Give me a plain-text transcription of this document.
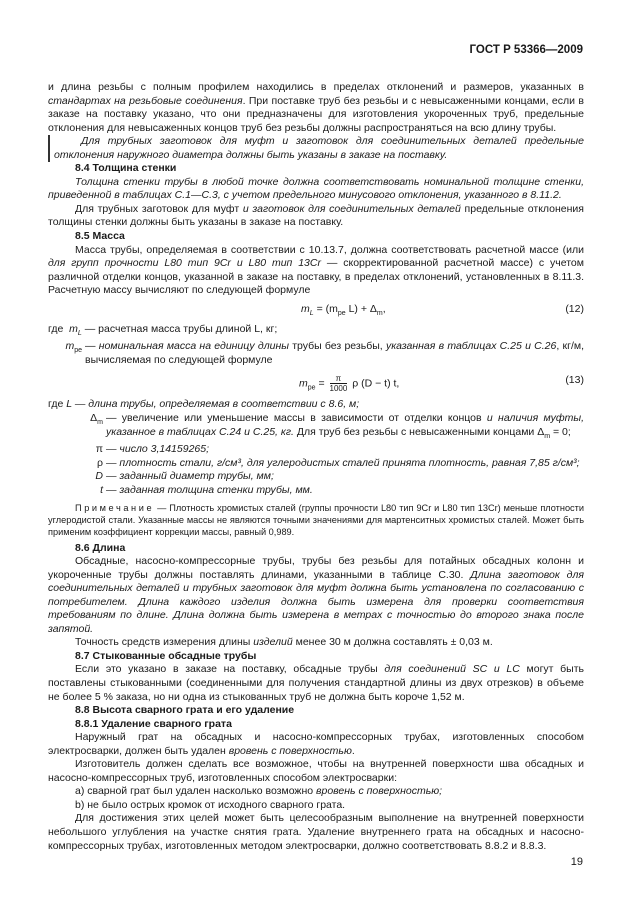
ГОСТ Р 53366—2009

и длина резьбы с полным профилем находились в пределах отклонений и размеров, указанных в стандартах на резьбовые соединения. При поставке труб без резьбы и с невысаженными концами, если в заказе на поставку указано, что они предназначены для изготовления укороченных труб, предельные отклонения для невысаженных концов труб без резьбы должны распространяться на всю длину трубы.

Для трубных заготовок для муфт и заготовок для соединительных деталей предельные отклонения наружного диаметра должны быть указаны в заказе на поставку.

8.4 Толщина стенки

Толщина стенки трубы в любой точке должна соответствовать номинальной толщине стенки, приведенной в таблицах С.1—С.3, с учетом предельного минусового отклонения, указанного в 8.11.2.

Для трубных заготовок для муфт и заготовок для соединительных деталей предельные отклонения толщины стенки должны быть указаны в заказе на поставку.

8.5 Масса

Масса трубы, определяемая в соответствии с 10.13.7, должна соответствовать расчетной массе (или для групп прочности L80 тип 9Cr и L80 тип 13Cr — скорректированной расчетной массе) с учетом различной отделки концов, указанной в заказе на поставку, в пределах отклонений, установленных в 8.11.3. Расчетную массу вычисляют по следующей формуле

$m_L = (m_{pe}$ $L) + \Delta_m$,	(12)

где $m_L$ — расчетная масса трубы длиной L, кг;

$m_{pe}$ — номинальная масса на единицу длины трубы без резьбы, указанная в таблицах С.25 и С.26, кг/м, вычисляемая по следующей формуле
$m_{pe} = \frac{\pi}{1000}$ ρ (D − t) t,	(13)

где L — длина трубы, определяемая в соответствии с 8.6, м;

$\Delta_m$ — увеличение или уменьшение массы в зависимости от отделки концов и наличия муфты, указанное в таблицах С.24 и С.25, кг. Для труб без резьбы с невысаженными концами $\Delta_m = 0$;
π — число 3,14159265;
ρ — плотность стали, г/см³, для углеродистых сталей принята плотность, равная 7,85 г/см³;
D — заданный диаметр трубы, мм;
t — заданная толщина стенки трубы, мм.

Примечание — Плотность хромистых сталей (группы прочности L80 тип 9Cr и L80 тип 13Cr) меньше плотности углеродистой стали. Указанные массы не являются точными значениями для мартенситных хромистых сталей. Может быть применим коэффициент коррекции массы, равный 0,989.

8.6 Длина

Обсадные, насосно-компрессорные трубы, трубы без резьбы для потайных обсадных колонн и укороченные трубы должны поставлять длинами, указанными в таблице С.30. Длина заготовок для соединительных деталей и трубных заготовок для муфт должна быть установлена по согласованию с потребителем. Длина каждого изделия должна быть измерена для проверки соответствия требованиям по длине. Длина должна быть измерена в метрах с точностью до второго знака после запятой.

Точность средств измерения длины изделий менее 30 м должна составлять ± 0,03 м.

8.7 Стыкованные обсадные трубы

Если это указано в заказе на поставку, обсадные трубы для соединений SC и LC могут быть поставлены стыкованными (соединенными для получения стандартной длины из двух отрезков) в объеме не более 5 % заказа, но ни одна из стыкованных труб не должна быть короче 1,52 м.

8.8 Высота сварного грата и его удаление

8.8.1 Удаление сварного грата

Наружный грат на обсадных и насосно-компрессорных трубах, изготовленных способом электросварки, должен быть удален вровень с поверхностью.

Изготовитель должен сделать все возможное, чтобы на внутренней поверхности шва обсадных и насосно-компрессорных труб, изготовленных способом электросварки:

a) сварной грат был удален насколько возможно вровень с поверхностью;

b) не было острых кромок от исходного сварного грата.

Для достижения этих целей может быть целесообразным выполнение на внутренней поверхности небольшого углубления на участке снятия грата. Удаление внутреннего грата на обсадных и насосно-компрессорных трубах, изготовленных методом электросварки, должно соответствовать 8.8.2 и 8.8.3.

19
